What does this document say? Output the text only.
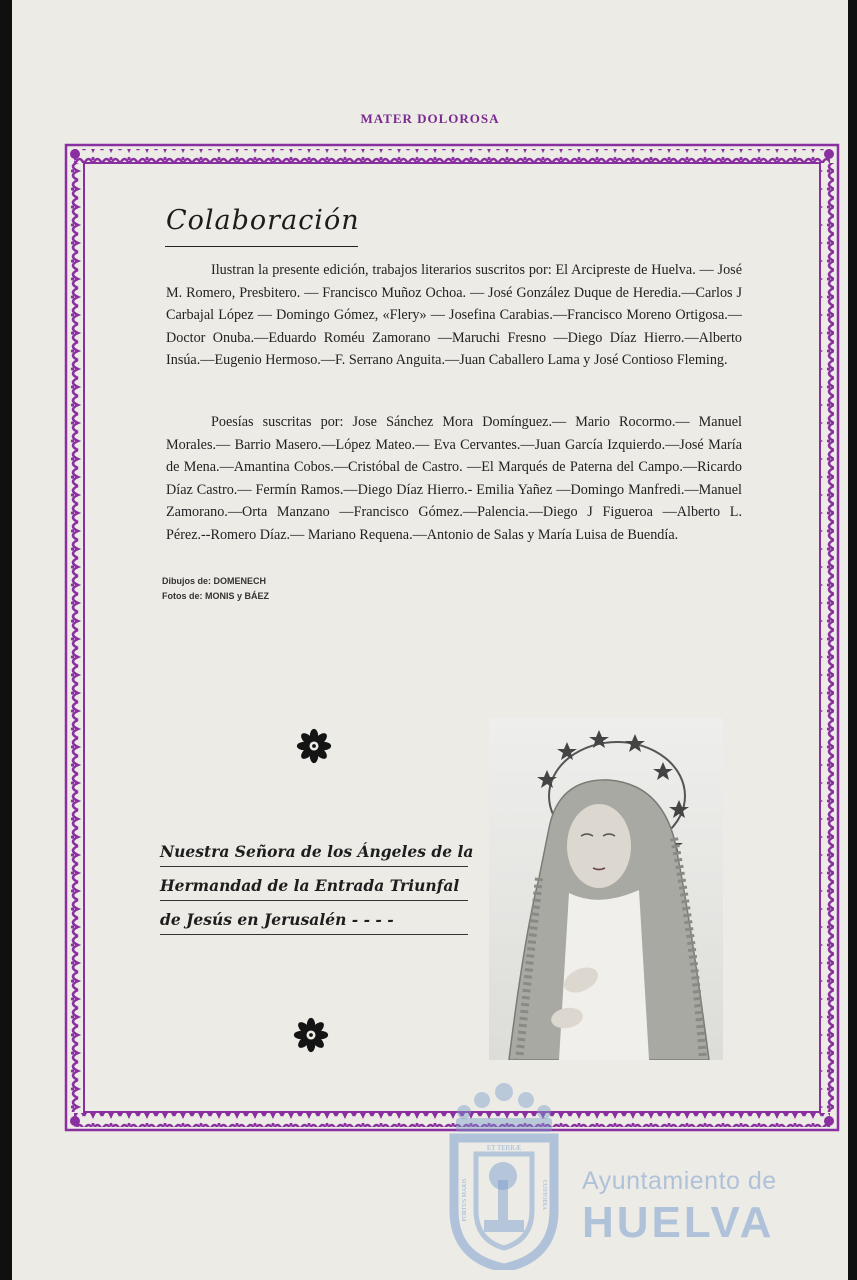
MATER DOLOROSA
Colaboración

Ilustran la presente edición, trabajos literarios suscritos por: El Arcipreste de Huelva. — José M. Romero, Presbitero. — Francisco Muñoz Ochoa. — José González Duque de Heredia.—Carlos J Carbajal López — Domingo Gómez, «Flery» — Josefina Carabias.—Francisco Moreno Ortigosa.—Doctor Onuba.—Eduardo Roméu Zamorano —Maruchi Fresno —Diego Díaz Hierro.—Alberto Insúa.—Eugenio Hermoso.—F. Serrano Anguita.—Juan Caballero Lama y José Contioso Fleming.

Poesías suscritas por: Jose Sánchez Mora Domínguez.— Mario Rocormo.— Manuel Morales.— Barrio Masero.—López Mateo.— Eva Cervantes.—Juan García Izquierdo.—José María de Mena.—Amantina Cobos.—Cristóbal de Castro. —El Marqués de Paterna del Campo.—Ricardo Díaz Castro.— Fermín Ramos.—Diego Díaz Hierro.- Emilia Yañez —Domingo Manfredi.—Manuel Zamorano.—Orta Manzano —Francisco Gómez.—Palencia.—Diego J Figueroa —Alberto L. Pérez.--Romero Díaz.— Mariano Requena.—Antonio de Salas y María Luisa de Buendía.

Dibujos de: DOMENECH
Fotos de: MONIS y BÁEZ
Nuestra Señora de los Ángeles de la
Hermandad de la Entrada Triunfal
de Jesús en Jerusalén - - - -
ET TERRÆ
PORTUS MARIS	CUSTODIA Ayuntamiento de
HUELVA
